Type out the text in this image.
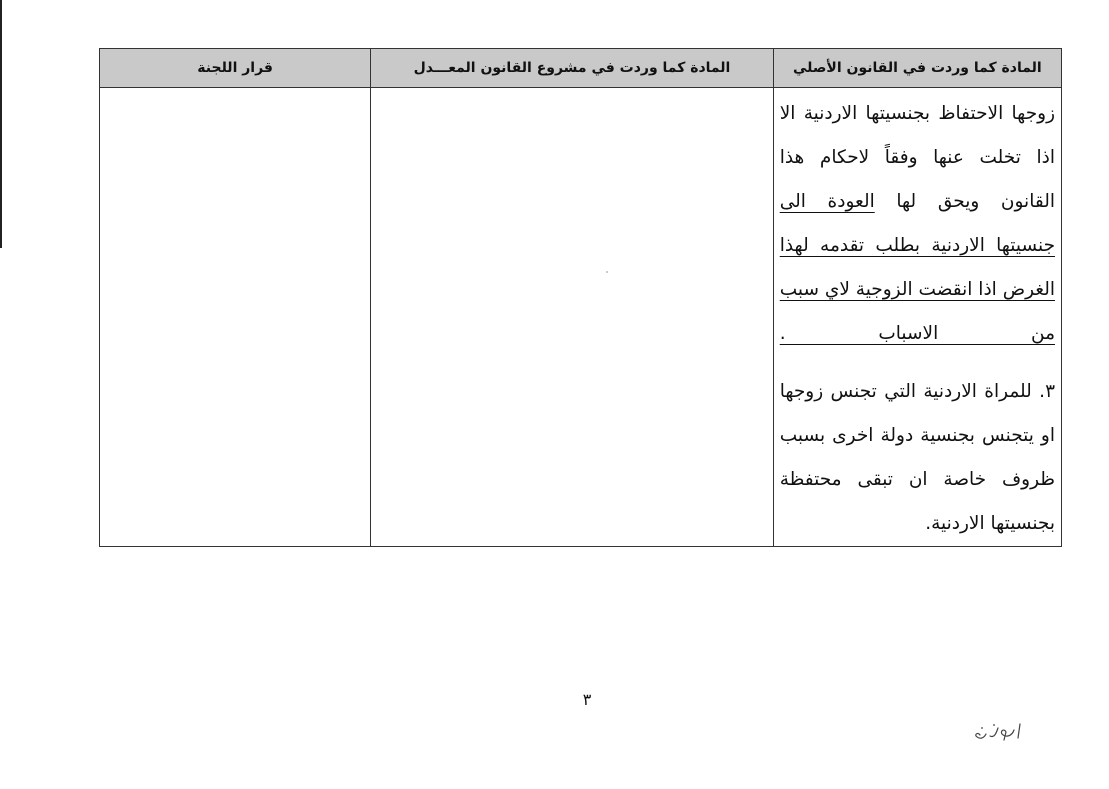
المادة كما وردت في القانون الأصلي	المادة كما وردت في مشروع القانون المعـــدل	قرار اللجنة

زوجها الاحتفاظ بجنسيتها الاردنية الا اذا تخلت عنها وفقاً لاحكام هذا القانون ويحق لها العودة الى جنسيتها الاردنية بطلب تقدمه لهذا الغرض اذا انقضت الزوجية لاي سبب من الاسباب .

٣. للمراة الاردنية التي تجنس زوجها او يتجنس بجنسية دولة اخرى بسبب ظروف خاصة ان تبقى محتفظة بجنسيتها الاردنية.		

٣
